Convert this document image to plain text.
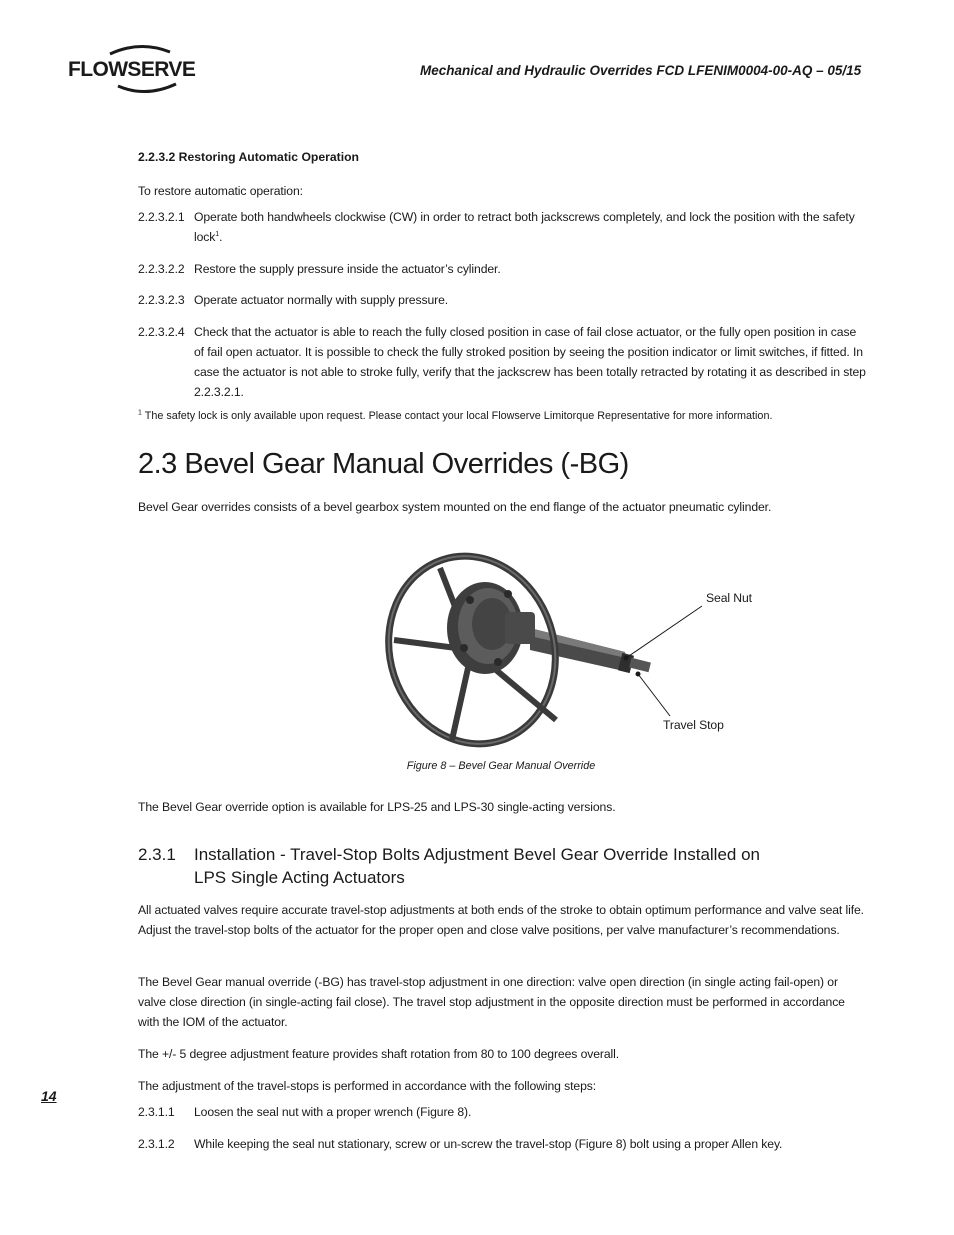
FLOWSERVE	Mechanical and Hydraulic Overrides FCD LFENIM0004-00-AQ – 05/15
2.2.3.2 Restoring Automatic Operation
To restore automatic operation:
2.2.3.2.1 Operate both handwheels clockwise (CW) in order to retract both jackscrews completely, and lock the position with the safety lock$^1$.
2.2.3.2.2 Restore the supply pressure inside the actuator’s cylinder.
2.2.3.2.3 Operate actuator normally with supply pressure.
2.2.3.2.4 Check that the actuator is able to reach the fully closed position in case of fail close actuator, or the fully open position in case of fail open actuator. It is possible to check the fully stroked position by seeing the position indicator or limit switches, if fitted. In case the actuator is not able to stroke fully, verify that the jackscrew has been totally retracted by rotating it as described in step 2.2.3.2.1.
$^1$ The safety lock is only available upon request. Please contact your local Flowserve Limitorque Representative for more information.
2.3 Bevel Gear Manual Overrides (-BG)
Bevel Gear overrides consists of a bevel gearbox system mounted on the end flange of the actuator pneumatic cylinder.
Seal Nut
Travel Stop
Figure 8 – Bevel Gear Manual Override
The Bevel Gear override option is available for LPS-25 and LPS-30 single-acting versions.
2.3.1 Installation - Travel-Stop Bolts Adjustment Bevel Gear Override Installed on LPS Single Acting Actuators
All actuated valves require accurate travel-stop adjustments at both ends of the stroke to obtain optimum performance and valve seat life. Adjust the travel-stop bolts of the actuator for the proper open and close valve positions, per valve manufacturer’s recommendations.
The Bevel Gear manual override (-BG) has travel-stop adjustment in one direction: valve open direction (in single acting fail-open) or valve close direction (in single-acting fail close). The travel stop adjustment in the opposite direction must be performed in accordance with the IOM of the actuator.
The +/- 5 degree adjustment feature provides shaft rotation from 80 to 100 degrees overall.
The adjustment of the travel-stops is performed in accordance with the following steps:
2.3.1.1 Loosen the seal nut with a proper wrench (Figure 8).
2.3.1.2 While keeping the seal nut stationary, screw or un-screw the travel-stop (Figure 8) bolt using a proper Allen key.
14
